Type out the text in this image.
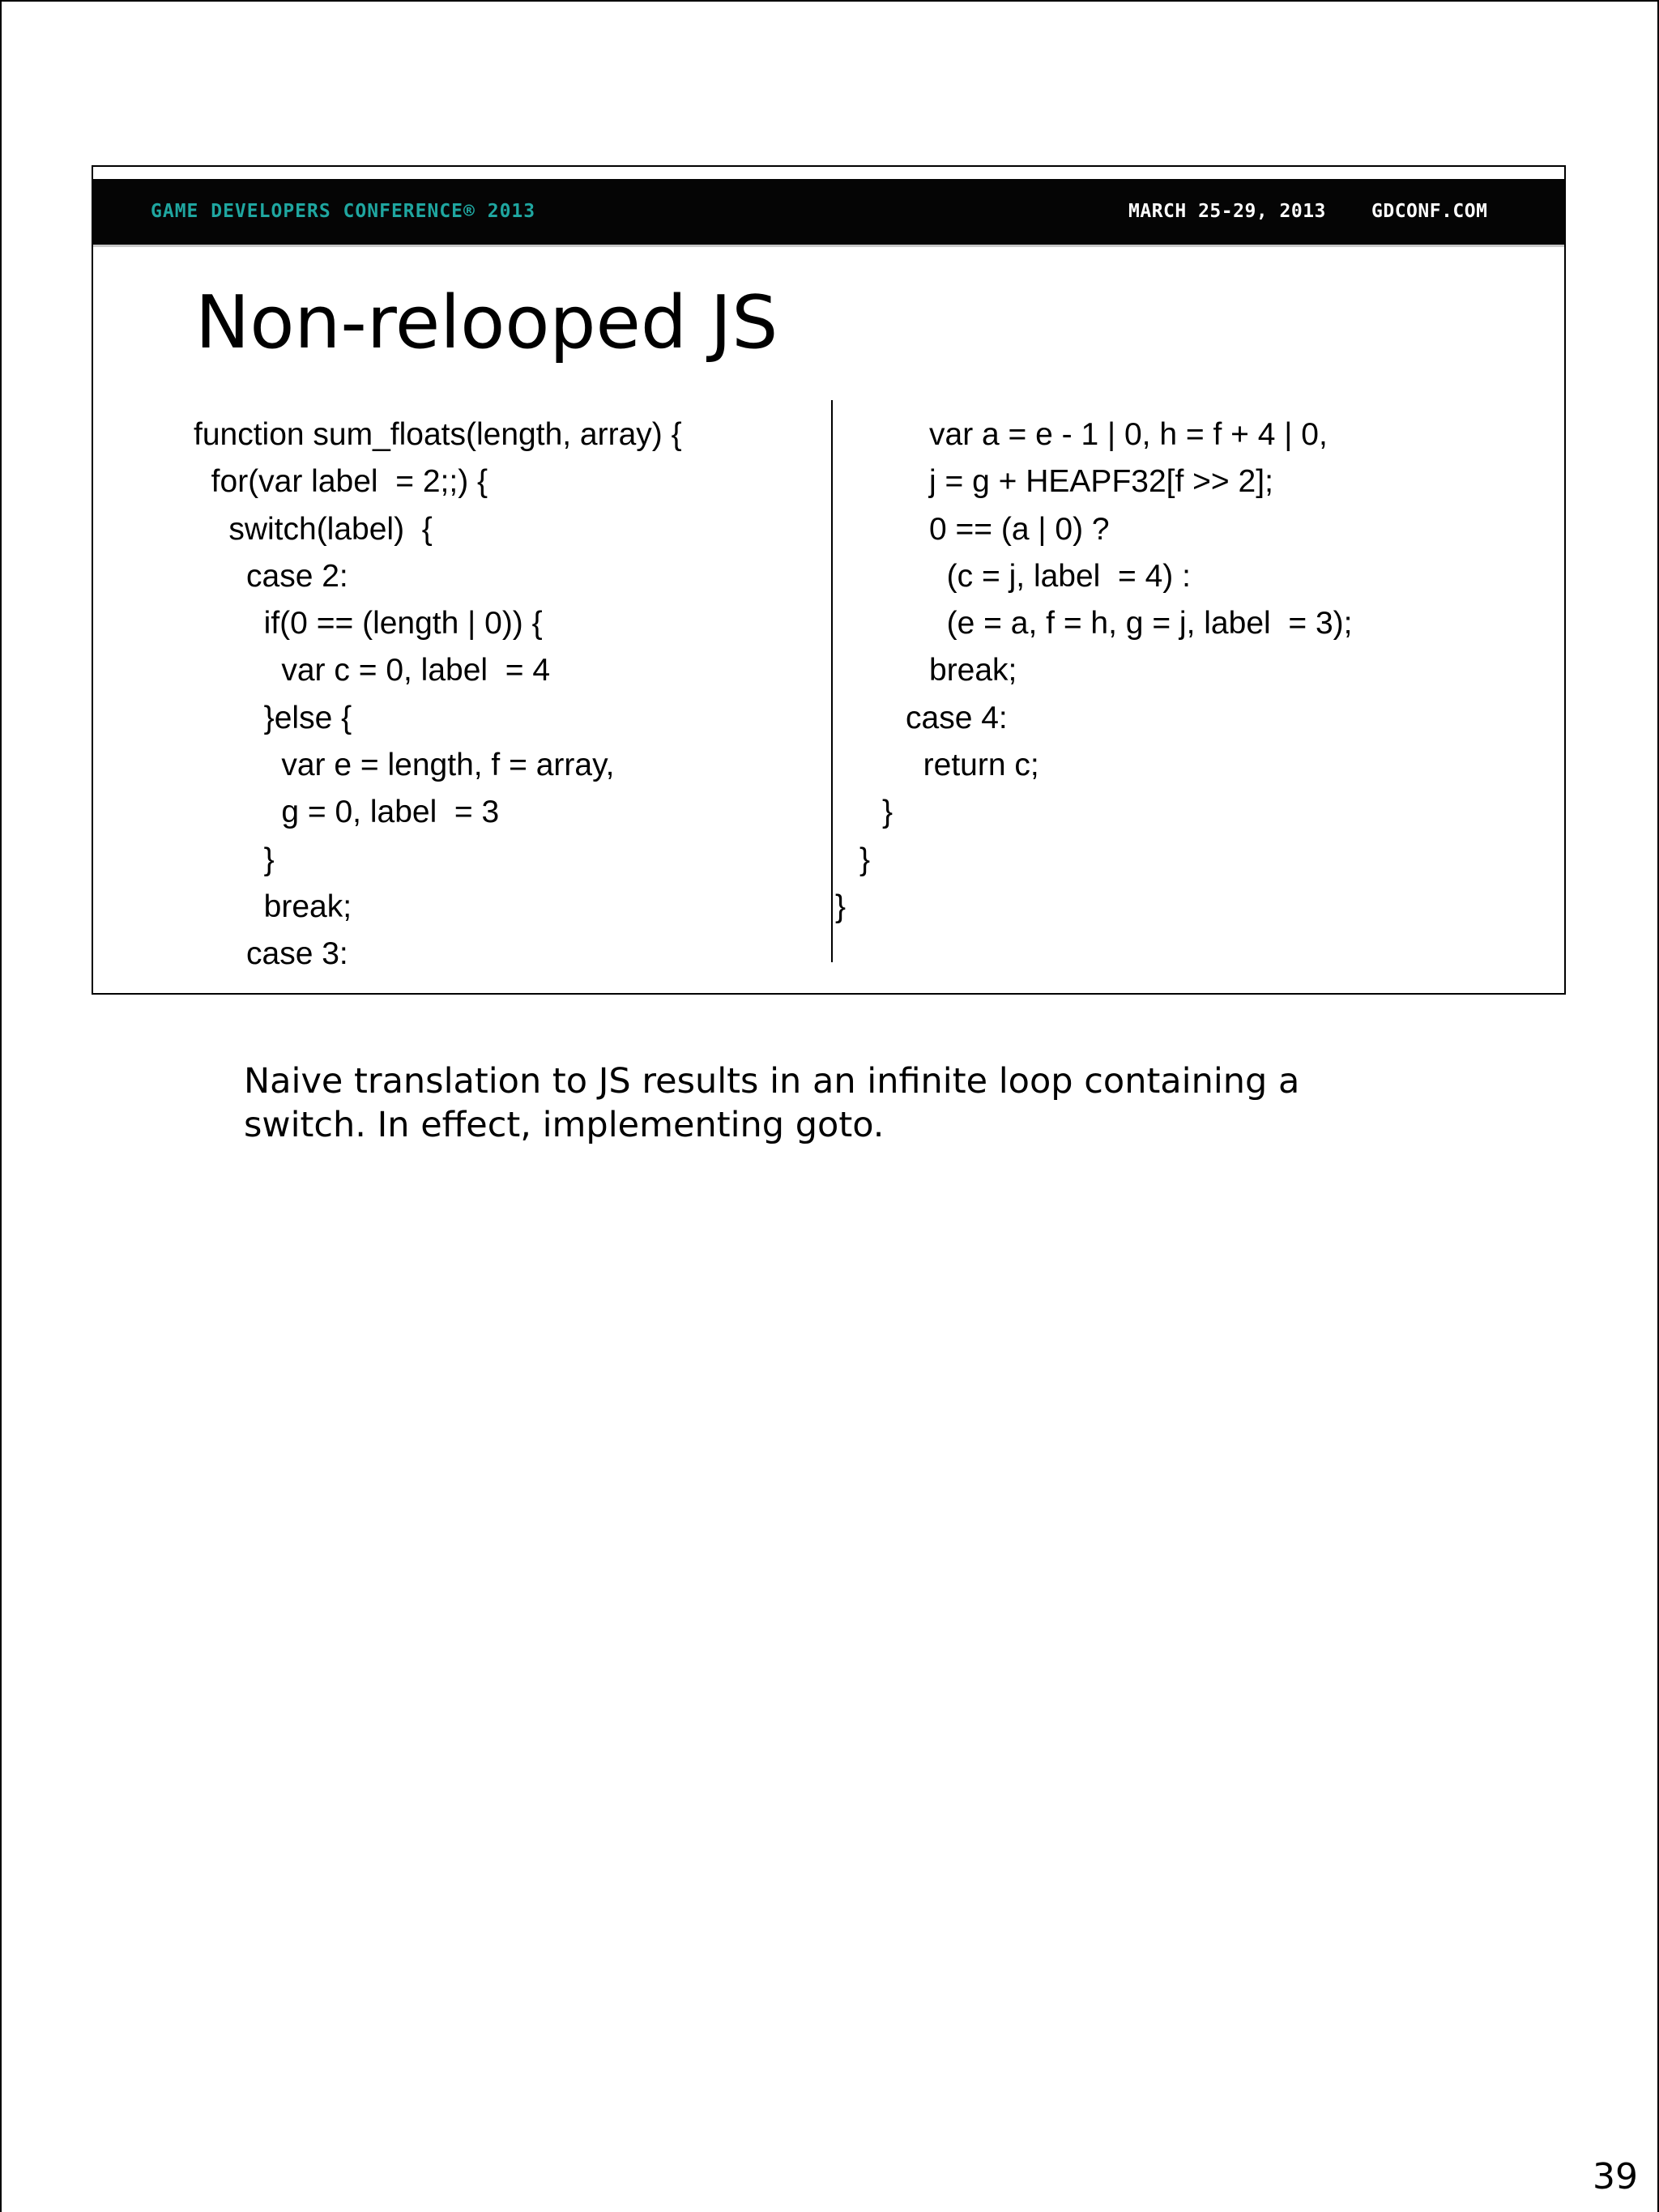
GAME DEVELOPERS CONFERENCE® 2013	MARCH 25-29, 2013 GDCONF.COM
Non-relooped JS
function sum_floats(length, array) {
for(var label  = 2;;) {
switch(label)  {
case 2:
if(0 == (length | 0)) {
var c = 0, label  = 4
}else {
var e = length, f = array,
g = 0, label  = 3
}
break;
case 3:
var a = e - 1 | 0, h = f + 4 | 0,
j = g + HEAPF32[f >> 2];
0 == (a | 0) ?
(c = j, label  = 4) :
(e = a, f = h, g = j, label  = 3);
break;
case 4:
return c;
}
}
}
Naive translation to JS results in an infinite loop containing a
switch. In effect, implementing goto.
39
